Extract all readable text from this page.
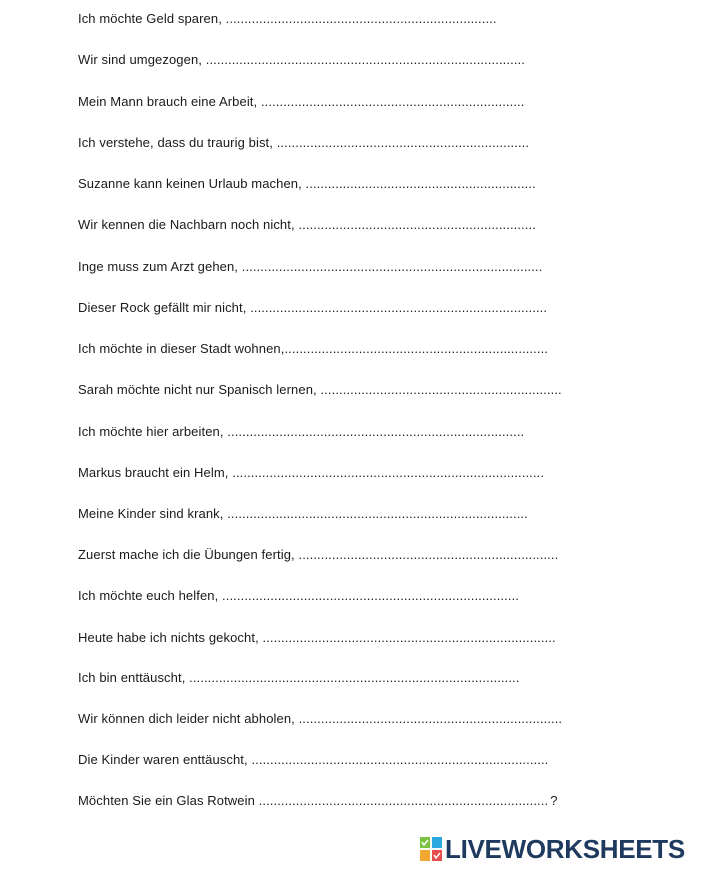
Ich möchte Geld sparen, .........................................................................
Wir sind umgezogen, ......................................................................................
Mein Mann brauch eine Arbeit, .......................................................................
Ich verstehe, dass du traurig bist, ....................................................................
Suzanne kann keinen Urlaub machen, ..............................................................
Wir kennen die Nachbarn noch nicht, ................................................................
Inge muss zum Arzt gehen, .................................................................................
Dieser Rock gefällt mir nicht, ................................................................................
Ich möchte in dieser Stadt wohnen,.......................................................................
Sarah möchte nicht nur Spanisch lernen, .................................................................
Ich möchte hier arbeiten, ................................................................................
Markus braucht ein Helm, ....................................................................................
Meine Kinder sind krank, .................................................................................
Zuerst mache ich die Übungen fertig, ......................................................................
Ich möchte euch helfen, ................................................................................
Heute habe ich nichts gekocht, ...............................................................................
Ich bin enttäuscht, .........................................................................................
Wir können dich leider nicht abholen, .......................................................................
Die Kinder waren enttäuscht, ................................................................................
Möchten Sie ein Glas Rotwein .............................................................................. ?
LIVEWORKSHEETS
